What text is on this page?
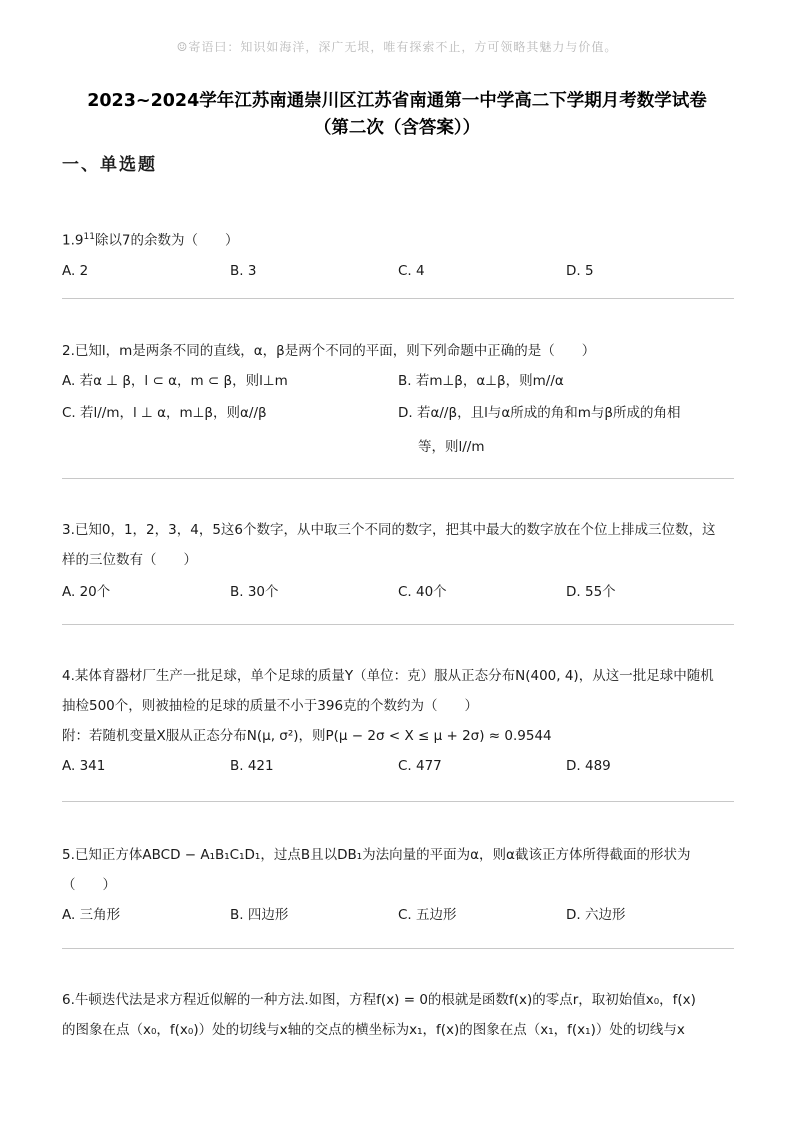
☺寄语曰：知识如海洋，深广无垠，唯有探索不止，方可领略其魅力与价值。
2023~2024学年江苏南通崇川区江苏省南通第一中学高二下学期月考数学试卷
（第二次（含答案））
一、单选题
$1.9^{11}$除以7的余数为（　　）
A. 2	B. 3	C. 4	D. 5
2.已知l，m是两条不同的直线，α，β是两个不同的平面，则下列命题中正确的是（　　）
A. 若α ⊥ β，l ⊂ α，m ⊂ β，则l⊥m	B. 若m⊥β，α⊥β，则m//α
C. 若l//m，l ⊥ α，m⊥β，则α//β	D. 若α//β，且l与α所成的角和m与β所成的角相
等，则l//m
3.已知0，1，2，3，4，5这6个数字，从中取三个不同的数字，把其中最大的数字放在个位上排成三位数，这
样的三位数有（　　）
A. 20个	B. 30个	C. 40个	D. 55个
4.某体育器材厂生产一批足球，单个足球的质量Y（单位：克）服从正态分布N(400, 4)，从这一批足球中随机
抽检500个，则被抽检的足球的质量不小于396克的个数约为（　　）
附：若随机变量X服从正态分布N(μ, σ²)，则P(μ − 2σ < X ≤ μ + 2σ) ≈ 0.9544
A. 341	B. 421	C. 477	D. 489
5.已知正方体ABCD − A₁B₁C₁D₁，过点B且以DB₁为法向量的平面为α，则α截该正方体所得截面的形状为
（　　）
A. 三角形	B. 四边形	C. 五边形	D. 六边形
6.牛顿迭代法是求方程近似解的一种方法.如图，方程f(x) = 0的根就是函数f(x)的零点r，取初始值x₀，f(x)
的图象在点（x₀，f(x₀)）处的切线与x轴的交点的横坐标为x₁，f(x)的图象在点（x₁，f(x₁)）处的切线与x
